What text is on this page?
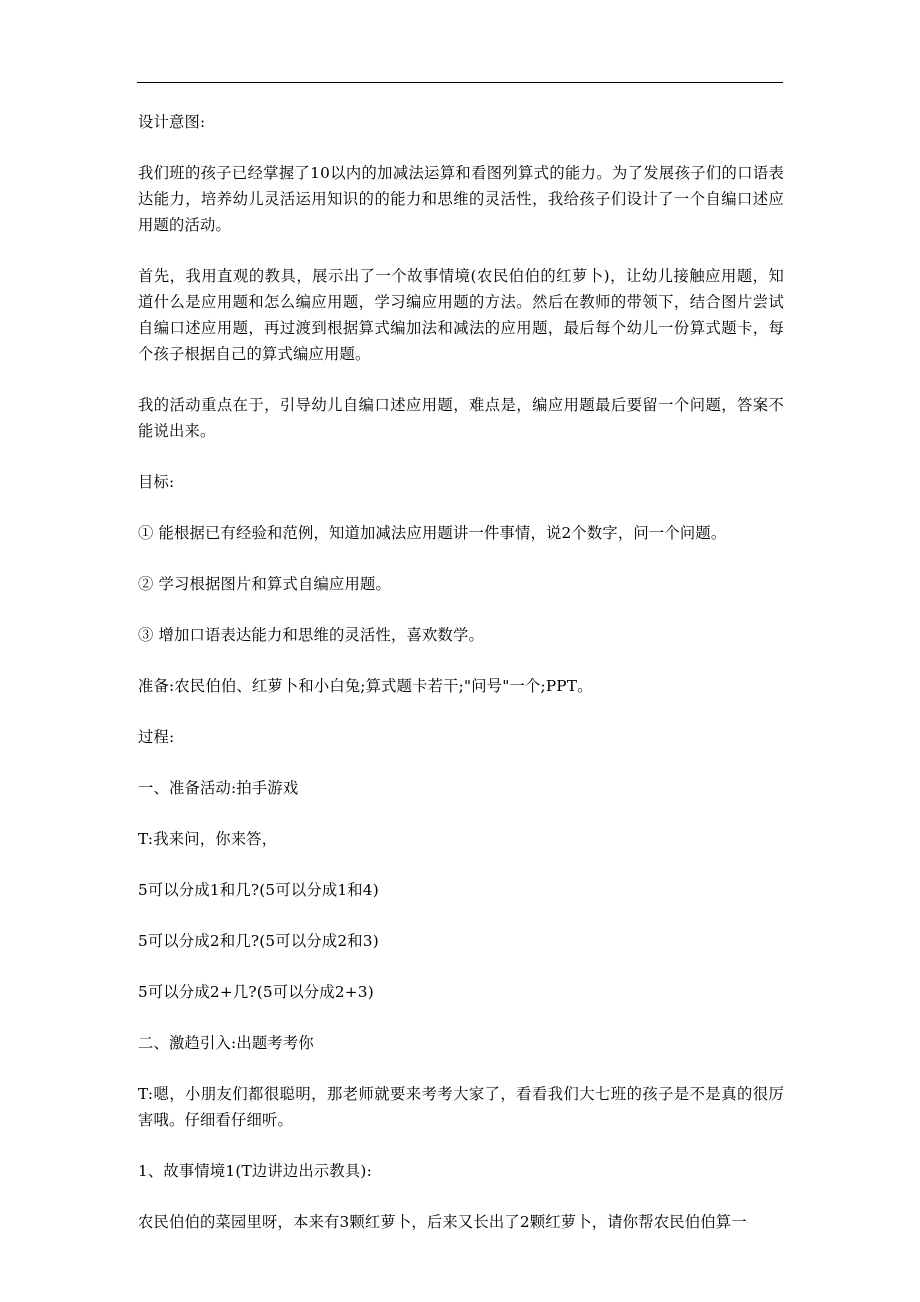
设计意图:

我们班的孩子已经掌握了10以内的加减法运算和看图列算式的能力。为了发展孩子们的口语表达能力，培养幼儿灵活运用知识的的能力和思维的灵活性，我给孩子们设计了一个自编口述应用题的活动。

首先，我用直观的教具，展示出了一个故事情境(农民伯伯的红萝卜)，让幼儿接触应用题，知道什么是应用题和怎么编应用题，学习编应用题的方法。然后在教师的带领下，结合图片尝试自编口述应用题，再过渡到根据算式编加法和减法的应用题，最后每个幼儿一份算式题卡，每个孩子根据自己的算式编应用题。

我的活动重点在于，引导幼儿自编口述应用题，难点是，编应用题最后要留一个问题，答案不能说出来。

目标:

① 能根据已有经验和范例，知道加减法应用题讲一件事情，说2个数字，问一个问题。

② 学习根据图片和算式自编应用题。

③ 增加口语表达能力和思维的灵活性，喜欢数学。

准备:农民伯伯、红萝卜和小白兔;算式题卡若干;"问号"一个;PPT。

过程:

一、准备活动:拍手游戏

T:我来问，你来答，

5可以分成1和几?(5可以分成1和4)

5可以分成2和几?(5可以分成2和3)

5可以分成2+几?(5可以分成2+3)

二、激趋引入:出题考考你

T:嗯，小朋友们都很聪明，那老师就要来考考大家了，看看我们大七班的孩子是不是真的很厉害哦。仔细看仔细听。

1、故事情境1(T边讲边出示教具):

农民伯伯的菜园里呀，本来有3颗红萝卜，后来又长出了2颗红萝卜，请你帮农民伯伯算一
